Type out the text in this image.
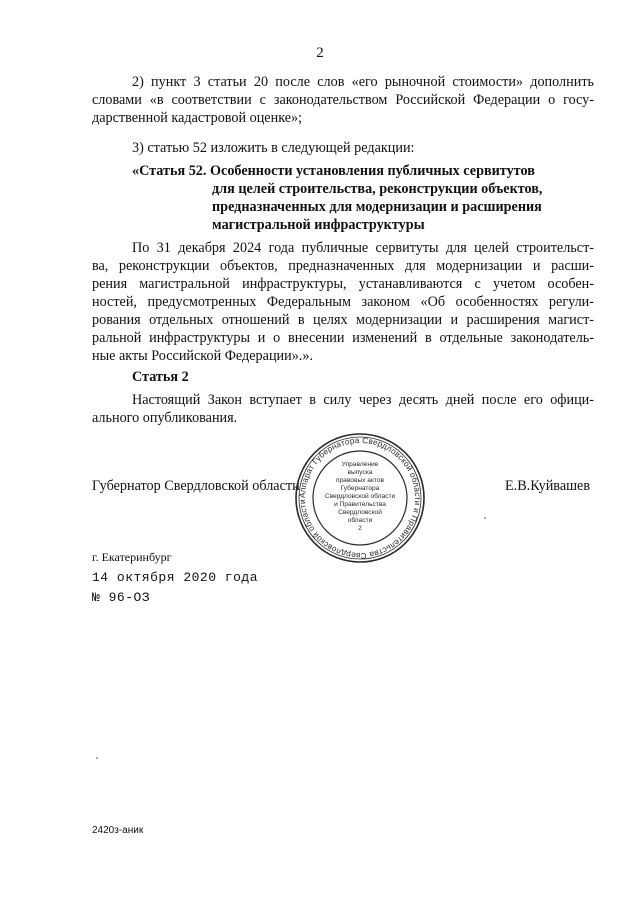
2
2) пункт 3 статьи 20 после слов «его рыночной стоимости» дополнить
словами «в соответствии с законодательством Российской Федерации о госу-
дарственной кадастровой оценке»;
3) статью 52 изложить в следующей редакции:
«Статья 52. Особенности установления публичных сервитутов
для целей строительства, реконструкции объектов,
предназначенных для модернизации и расширения
магистральной инфраструктуры
По 31 декабря 2024 года публичные сервитуты для целей строительст-
ва, реконструкции объектов, предназначенных для модернизации и расши-
рения магистральной инфраструктуры, устанавливаются с учетом особен-
ностей, предусмотренных Федеральным законом «Об особенностях регули-
рования отдельных отношений в целях модернизации и расширения магист-
ральной инфраструктуры и о внесении изменений в отдельные законодатель-
ные акты Российской Федерации».».
Статья 2
Настоящий Закон вступает в силу через десять дней после его офици-
ального опубликования.
Губернатор Свердловской области	Е.В.Куйвашев
Аппарат Губернатора Свердловской области и Правительства Свердловской области
Управление
выпуска
правовых актов
Губернатора
Свердловской области
и Правительства
Свердловской
области
2
г. Екатеринбург
14 октября 2020 года
№ 96-ОЗ
2420з-аник
